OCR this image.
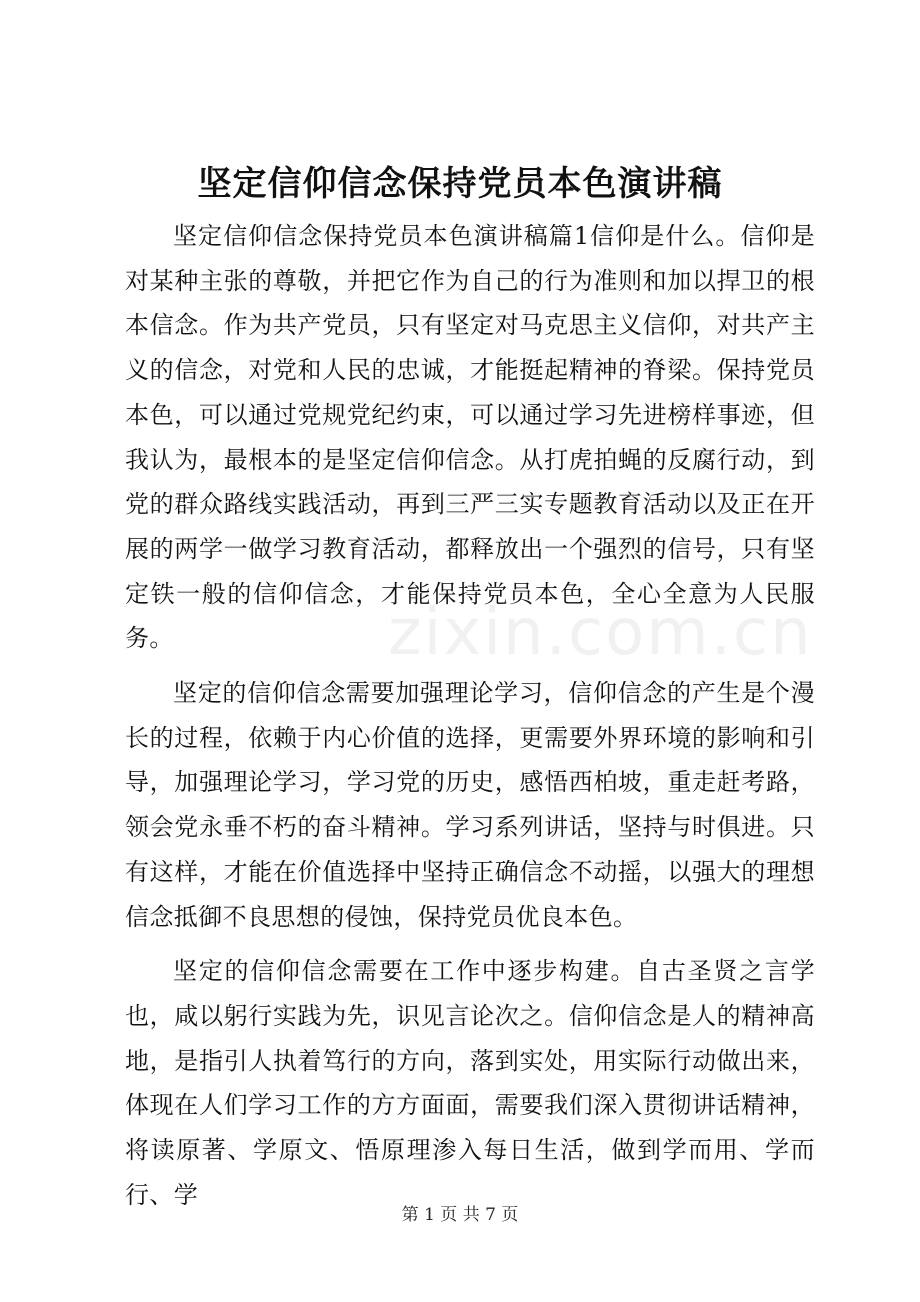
坚定信仰信念保持党员本色演讲稿

坚定信仰信念保持党员本色演讲稿篇1信仰是什么。信仰是对某种主张的尊敬，并把它作为自己的行为准则和加以捍卫的根本信念。作为共产党员，只有坚定对马克思主义信仰，对共产主义的信念，对党和人民的忠诚，才能挺起精神的脊梁。保持党员本色，可以通过党规党纪约束，可以通过学习先进榜样事迹，但我认为，最根本的是坚定信仰信念。从打虎拍蝇的反腐行动，到党的群众路线实践活动，再到三严三实专题教育活动以及正在开展的两学一做学习教育活动，都释放出一个强烈的信号，只有坚定铁一般的信仰信念，才能保持党员本色，全心全意为人民服务。

坚定的信仰信念需要加强理论学习，信仰信念的产生是个漫长的过程，依赖于内心价值的选择，更需要外界环境的影响和引导，加强理论学习，学习党的历史，感悟西柏坡，重走赶考路，领会党永垂不朽的奋斗精神。学习系列讲话，坚持与时俱进。只有这样，才能在价值选择中坚持正确信念不动摇，以强大的理想信念抵御不良思想的侵蚀，保持党员优良本色。

坚定的信仰信念需要在工作中逐步构建。自古圣贤之言学也，咸以躬行实践为先，识见言论次之。信仰信念是人的精神高地，是指引人执着笃行的方向，落到实处，用实际行动做出来，体现在人们学习工作的方方面面，需要我们深入贯彻讲话精神，将读原著、学原文、悟原理渗入每日生活，做到学而用、学而行、学

zixin.com.cn
第 1 页 共 7 页
